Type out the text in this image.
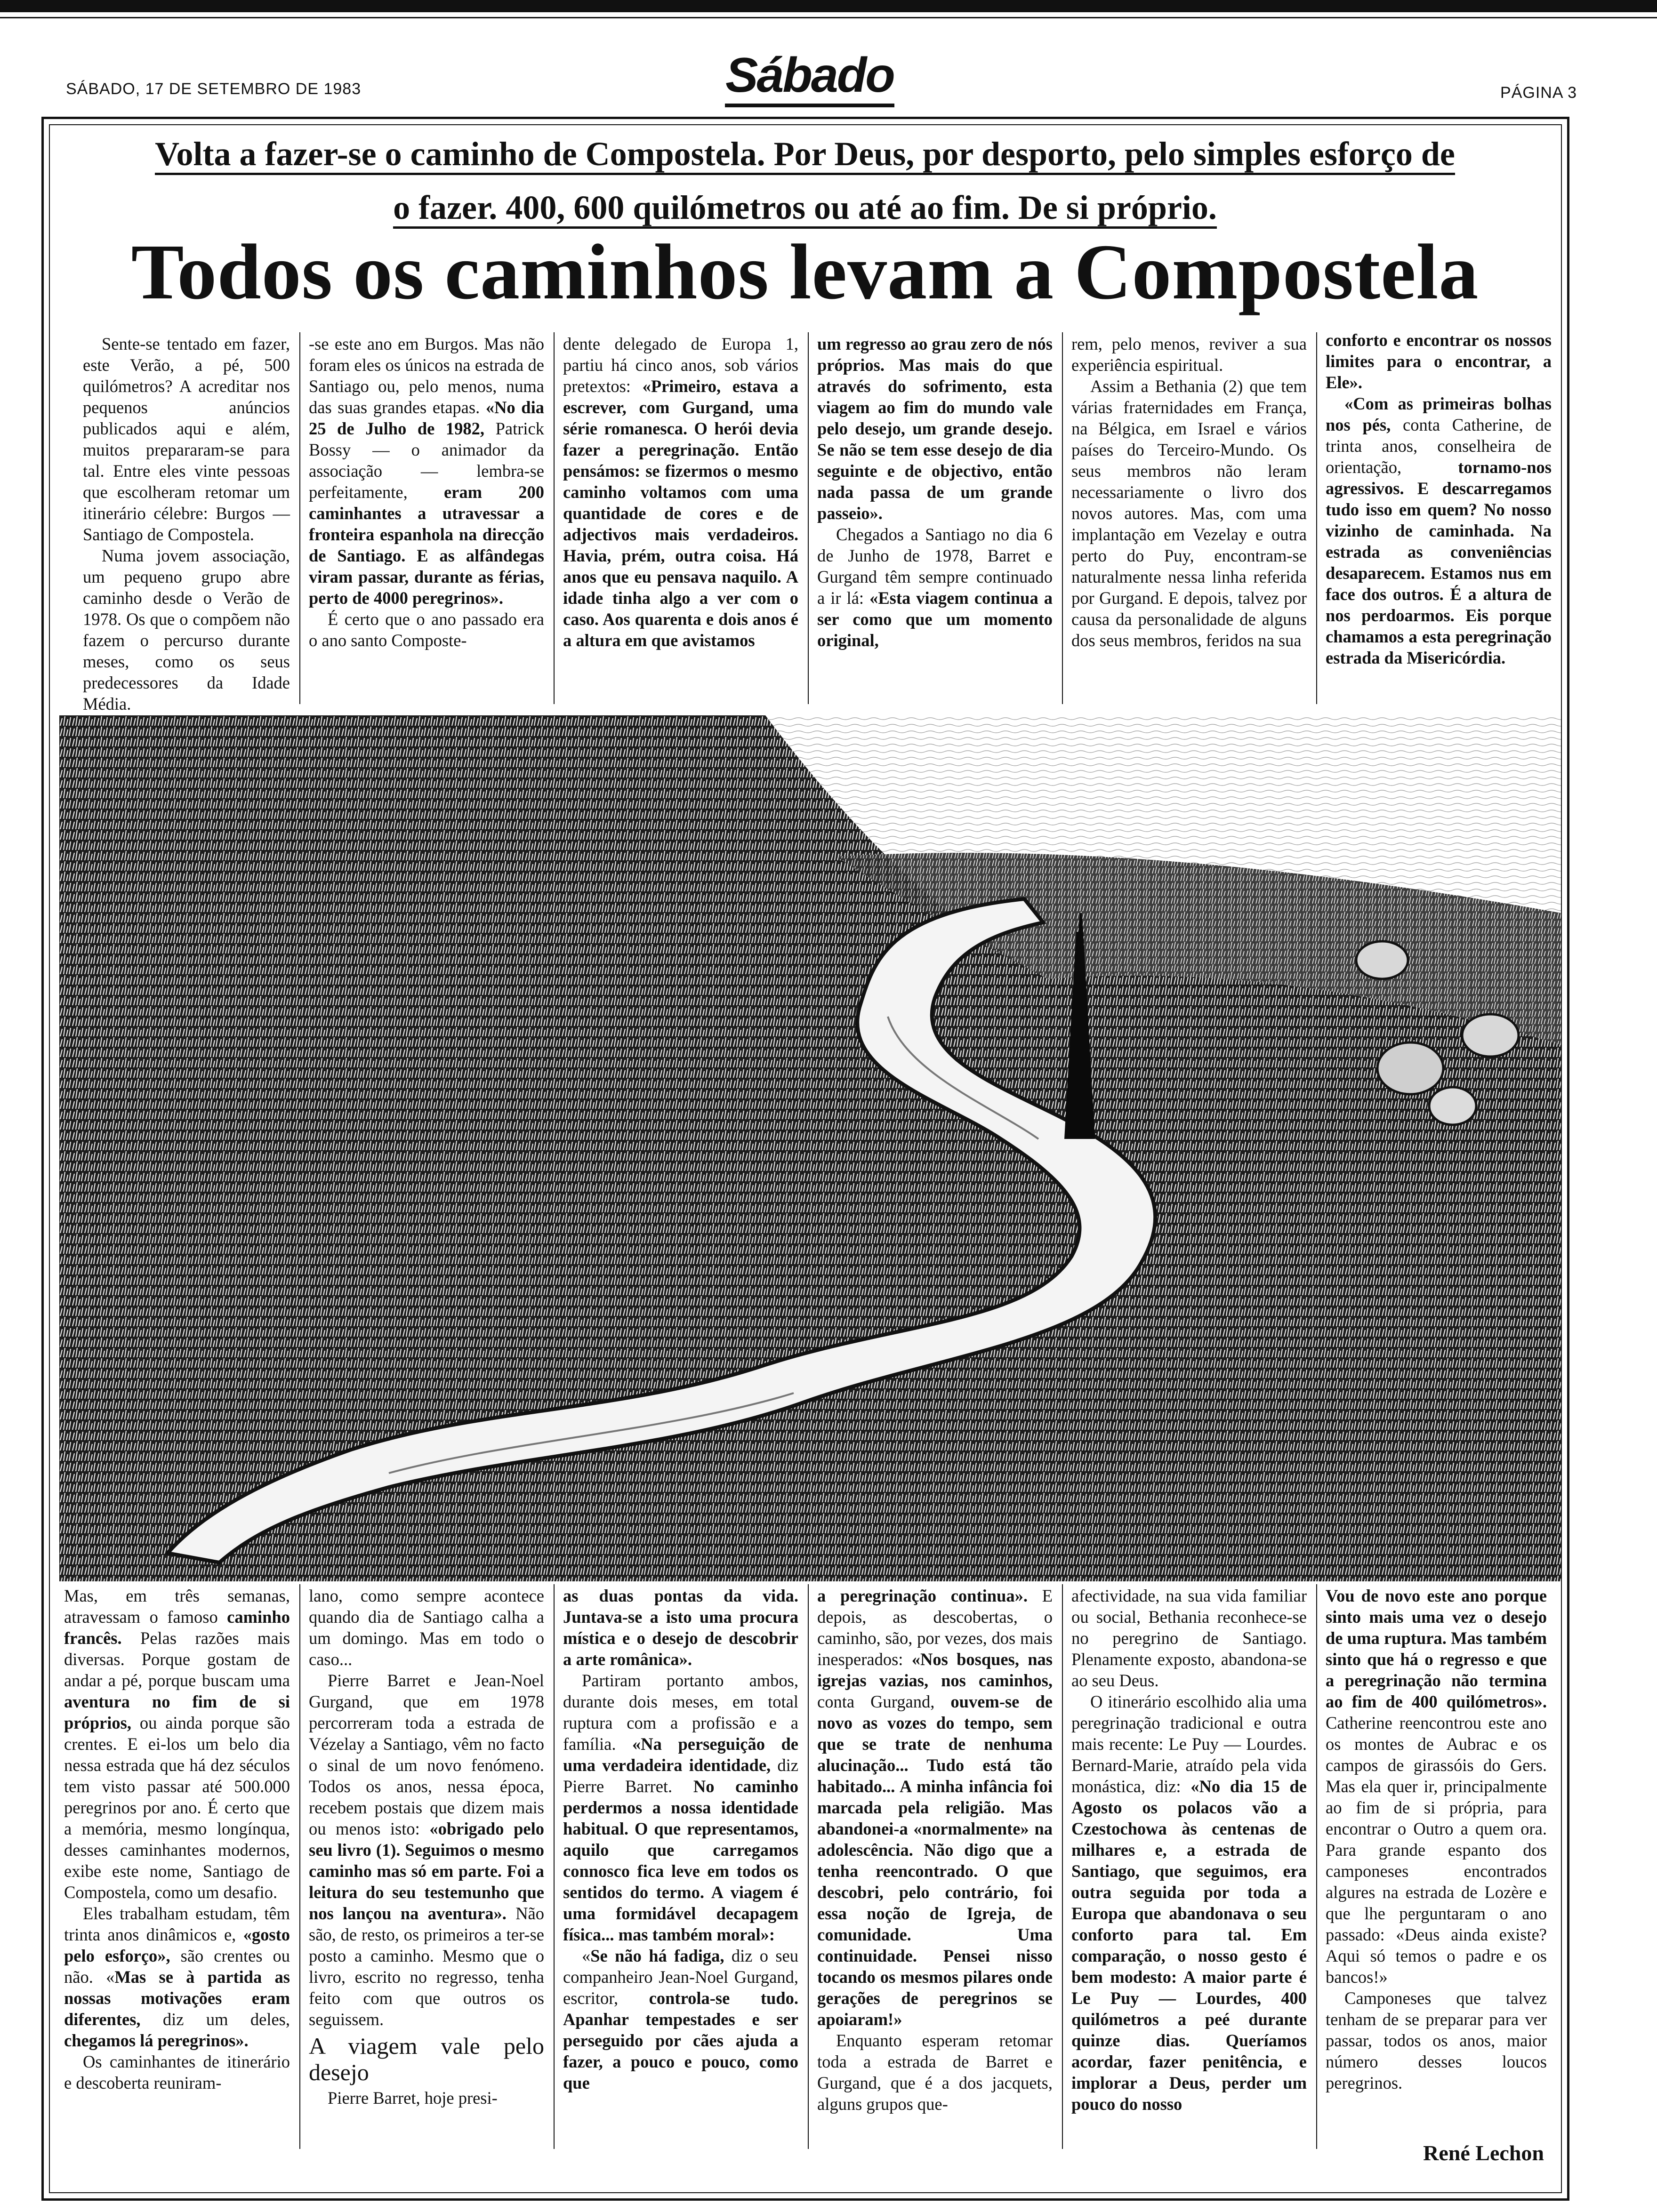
SÁBADO, 17 DE SETEMBRO DE 1983	Sábado	PÁGINA 3
Volta a fazer-se o caminho de Compostela. Por Deus, por desporto, pelo simples esforço de
o fazer. 400, 600 quilómetros ou até ao fim. De si próprio.
Todos os caminhos levam a Compostela

Sente-se tentado em fazer, este Verão, a pé, 500 quilómetros? A acreditar nos pequenos anúncios publicados aqui e além, muitos prepararam-se para tal. Entre eles vinte pessoas que escolheram retomar um itinerário célebre: Burgos — Santiago de Compostela.

Numa jovem associação, um pequeno grupo abre caminho desde o Verão de 1978. Os que o compõem não fazem o percurso durante meses, como os seus predecessores da Idade Média.

-se este ano em Burgos. Mas não foram eles os únicos na estrada de Santiago ou, pelo menos, numa das suas grandes etapas. «No dia 25 de Julho de 1982, Patrick Bossy — o animador da associação — lembra-se perfeitamente, eram 200 caminhantes a utravessar a fronteira espanhola na direcção de Santiago. E as alfândegas viram passar, durante as férias, perto de 4000 peregrinos».

É certo que o ano passado era o ano santo Composte-

dente delegado de Europa 1, partiu há cinco anos, sob vários pretextos: «Primeiro, estava a escrever, com Gurgand, uma série romanesca. O herói devia fazer a peregrinação. Então pensámos: se fizermos o mesmo caminho voltamos com uma quantidade de cores e de adjectivos mais verdadeiros. Havia, prém, outra coisa. Há anos que eu pensava naquilo. A idade tinha algo a ver com o caso. Aos quarenta e dois anos é a altura em que avistamos

um regresso ao grau zero de nós próprios. Mas mais do que através do sofrimento, esta viagem ao fim do mundo vale pelo desejo, um grande desejo. Se não se tem esse desejo de dia seguinte e de objectivo, então nada passa de um grande passeio».

Chegados a Santiago no dia 6 de Junho de 1978, Barret e Gurgand têm sempre continuado a ir lá: «Esta viagem continua a ser como que um momento original,

rem, pelo menos, reviver a sua experiência espiritual.

Assim a Bethania (2) que tem várias fraternidades em França, na Bélgica, em Israel e vários países do Terceiro-Mundo. Os seus membros não leram necessariamente o livro dos novos autores. Mas, com uma implantação em Vezelay e outra perto do Puy, encontram-se naturalmente nessa linha referida por Gurgand. E depois, talvez por causa da personalidade de alguns dos seus membros, feridos na sua

conforto e encontrar os nossos limites para o encontrar, a Ele».

«Com as primeiras bolhas nos pés, conta Catherine, de trinta anos, conselheira de orientação, tornamo-nos agressivos. E descarregamos tudo isso em quem? No nosso vizinho de caminhada. Na estrada as conveniências desaparecem. Estamos nus em face dos outros. É a altura de nos perdoarmos. Eis porque chamamos a esta peregrinação estrada da Misericórdia.

Mas, em três semanas, atravessam o famoso caminho francês. Pelas razões mais diversas. Porque gostam de andar a pé, porque buscam uma aventura no fim de si próprios, ou ainda porque são crentes. E ei-los um belo dia nessa estrada que há dez séculos tem visto passar até 500.000 peregrinos por ano. É certo que a memória, mesmo longínqua, desses caminhantes modernos, exibe este nome, Santiago de Compostela, como um desafio.

Eles trabalham estudam, têm trinta anos dinâmicos e, «gosto pelo esforço», são crentes ou não. «Mas se à partida as nossas motivações eram diferentes, diz um deles, chegamos lá peregrinos».

Os caminhantes de itinerário e descoberta reuniram-

lano, como sempre acontece quando dia de Santiago calha a um domingo. Mas em todo o caso...

Pierre Barret e Jean-Noel Gurgand, que em 1978 percorreram toda a estrada de Vézelay a Santiago, vêm no facto o sinal de um novo fenómeno. Todos os anos, nessa época, recebem postais que dizem mais ou menos isto: «obrigado pelo seu livro (1). Seguimos o mesmo caminho mas só em parte. Foi a leitura do seu testemunho que nos lançou na aventura». Não são, de resto, os primeiros a ter-se posto a caminho. Mesmo que o livro, escrito no regresso, tenha feito com que outros os seguissem.

A viagem vale pelo desejo

Pierre Barret, hoje presi-

as duas pontas da vida. Juntava-se a isto uma procura mística e o desejo de descobrir a arte românica».

Partiram portanto ambos, durante dois meses, em total ruptura com a profissão e a família. «Na perseguição de uma verdadeira identidade, diz Pierre Barret. No caminho perdermos a nossa identidade habitual. O que representamos, aquilo que carregamos connosco fica leve em todos os sentidos do termo. A viagem é uma formidável decapagem física... mas também moral»:

«Se não há fadiga, diz o seu companheiro Jean-Noel Gurgand, escritor, controla-se tudo. Apanhar tempestades e ser perseguido por cães ajuda a fazer, a pouco e pouco, como que

a peregrinação continua». E depois, as descobertas, o caminho, são, por vezes, dos mais inesperados: «Nos bosques, nas igrejas vazias, nos caminhos, conta Gurgand, ouvem-se de novo as vozes do tempo, sem que se trate de nenhuma alucinação... Tudo está tão habitado... A minha infância foi marcada pela religião. Mas abandonei-a «normalmente» na adolescência. Não digo que a tenha reencontrado. O que descobri, pelo contrário, foi essa noção de Igreja, de comunidade. Uma continuidade. Pensei nisso tocando os mesmos pilares onde gerações de peregrinos se apoiaram!»

Enquanto esperam retomar toda a estrada de Barret e Gurgand, que é a dos jacquets, alguns grupos que-

afectividade, na sua vida familiar ou social, Bethania reconhece-se no peregrino de Santiago. Plenamente exposto, abandona-se ao seu Deus.

O itinerário escolhido alia uma peregrinação tradicional e outra mais recente: Le Puy — Lourdes. Bernard-Marie, atraído pela vida monástica, diz: «No dia 15 de Agosto os polacos vão a Czestochowa às centenas de milhares e, a estrada de Santiago, que seguimos, era outra seguida por toda a Europa que abandonava o seu conforto para tal. Em comparação, o nosso gesto é bem modesto: A maior parte é Le Puy — Lourdes, 400 quilómetros a peé durante quinze dias. Queríamos acordar, fazer penitência, e implorar a Deus, perder um pouco do nosso

Vou de novo este ano porque sinto mais uma vez o desejo de uma ruptura. Mas também sinto que há o regresso e que a peregrinação não termina ao fim de 400 quilómetros». Catherine reencontrou este ano os montes de Aubrac e os campos de girassóis do Gers. Mas ela quer ir, principalmente ao fim de si própria, para encontrar o Outro a quem ora. Para grande espanto dos camponeses encontrados algures na estrada de Lozère e que lhe perguntaram o ano passado: «Deus ainda existe? Aqui só temos o padre e os bancos!»

Camponeses que talvez tenham de se preparar para ver passar, todos os anos, maior número desses loucos peregrinos.

René Lechon
